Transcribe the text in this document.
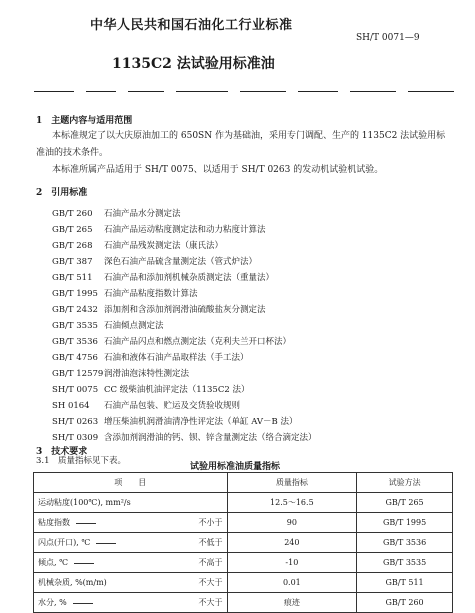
中华人民共和国石油化工行业标准
SH/T 0071—9
1135C2 法试验用标准油
1　主题内容与适用范围
本标准规定了以大庆原油加工的 650SN 作为基础油，采用专门调配、生产的 1135C2 法试验用标
准油的技术条件。
本标准所属产品适用于 SH/T 0075、以适用于 SH/T 0263 的发动机试验机试验。
2　引用标准
GB/T 260 石油产品水分测定法
GB/T 265 石油产品运动粘度测定法和动力粘度计算法
GB/T 268 石油产品残炭测定法（康氏法）
GB/T 387 深色石油产品硫含量测定法（管式炉法）
GB/T 511 石油产品和添加剂机械杂质测定法（重量法）
GB/T 1995 石油产品粘度指数计算法
GB/T 2432 添加剂和含添加剂润滑油硫酸盐灰分测定法
GB/T 3535 石油倾点测定法
GB/T 3536 石油产品闪点和燃点测定法（克利夫兰开口杯法）
GB/T 4756 石油和液体石油产品取样法（手工法）
GB/T 12579润滑油泡沫特性测定法
SH/T 0075 CC 级柴油机油评定法（1135C2 法）
SH 0164 石油产品包装、贮运及交货验收规则
SH/T 0263 增压柴油机润滑油清净性评定法（单缸 AV－B 法）
SH/T 0309 含添加剂润滑油的钙、钡、锌含量测定法（络合滴定法）
3　技术要求
3.1　质量指标见下表。
试验用标准油质量指标
项　　目	质量指标	试验方法
运动粘度(100℃), mm²/s	12.5～16.5	GB/T 265
粘度指数 不小于	90	GB/T 1995
闪点(开口), ℃ 不低于	240	GB/T 3536
倾点, ℃ 不高于	-10	GB/T 3535
机械杂质, %(m/m) 不大于	0.01	GB/T 511
水分, % 不大于	痕迹	GB/T 260
